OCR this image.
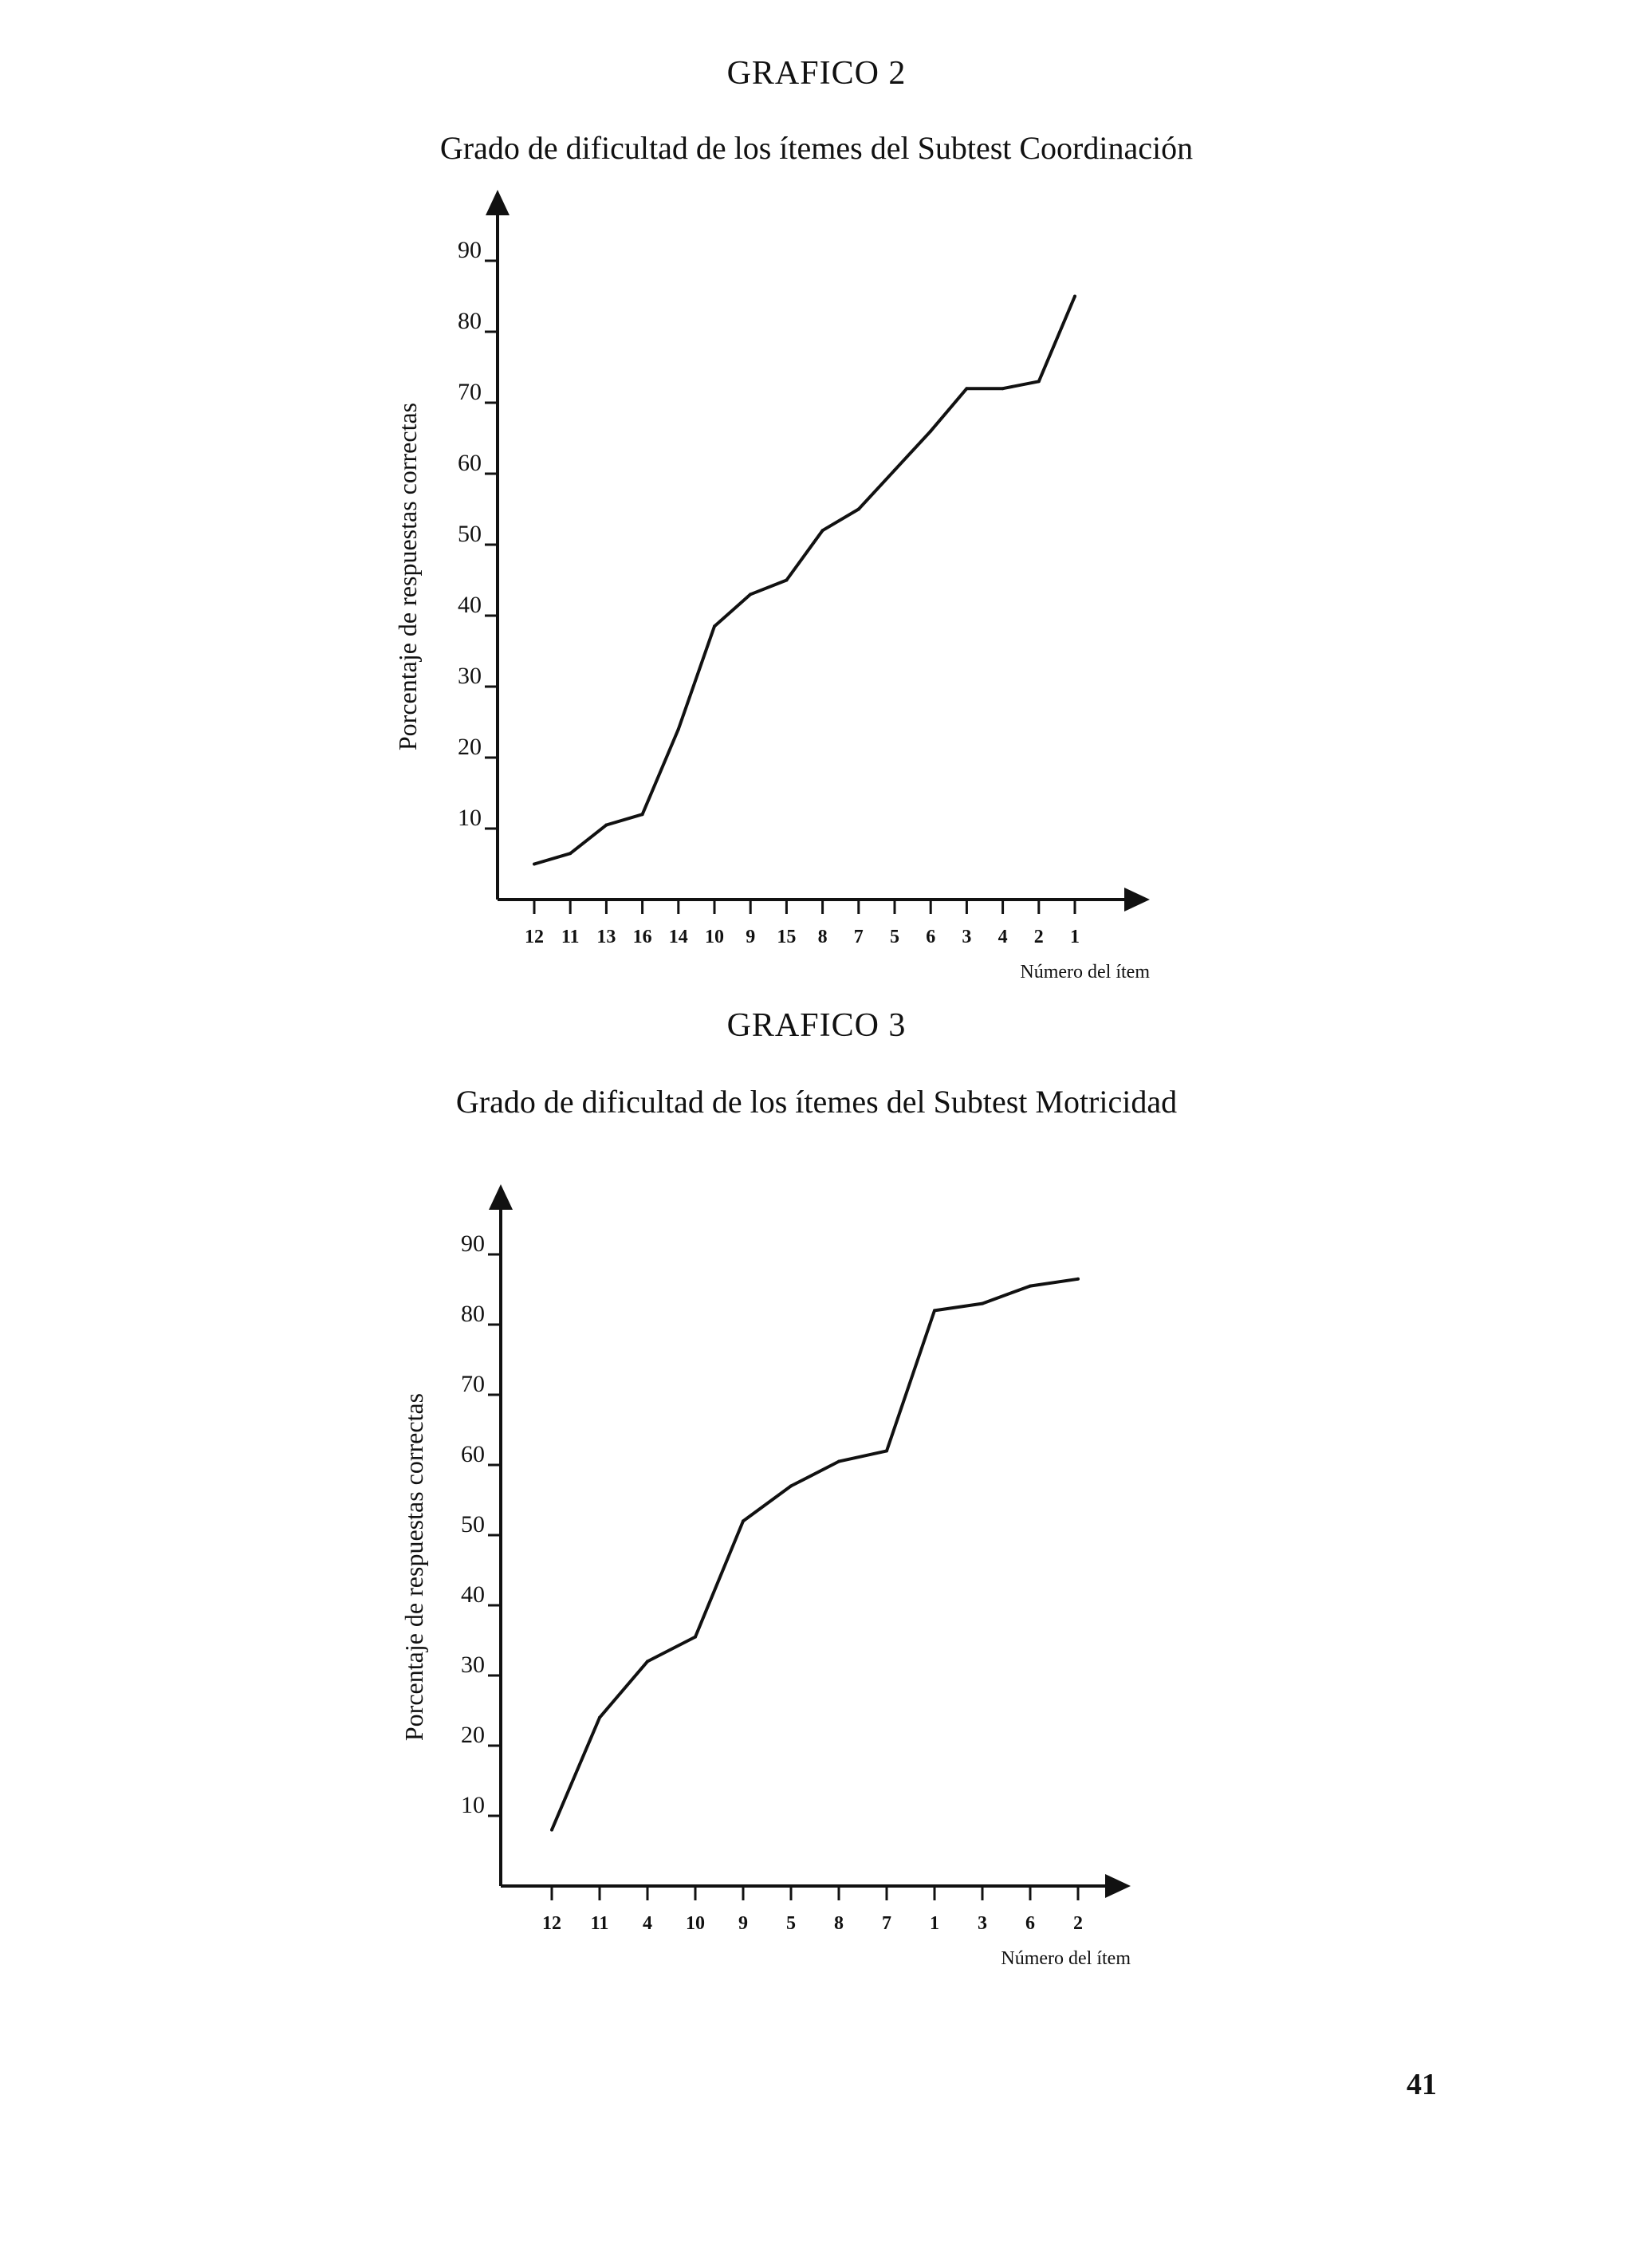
GRAFICO 2
Grado de dificultad de los ítemes del Subtest Coordinación
10
20
30
40
50
60
70
80
90
12 11 13 16 14 10 9 15 8 7 5 6 3 4 2 1
Número del ítem
Porcentaje de respuestas correctas
GRAFICO 3
Grado de dificultad de los ítemes del Subtest Motricidad
10
20
30
40
50
60
70
80
90
12 11 4 10 9 5 8 7 1 3 6 2
Número del ítem
Porcentaje de respuestas correctas
41
